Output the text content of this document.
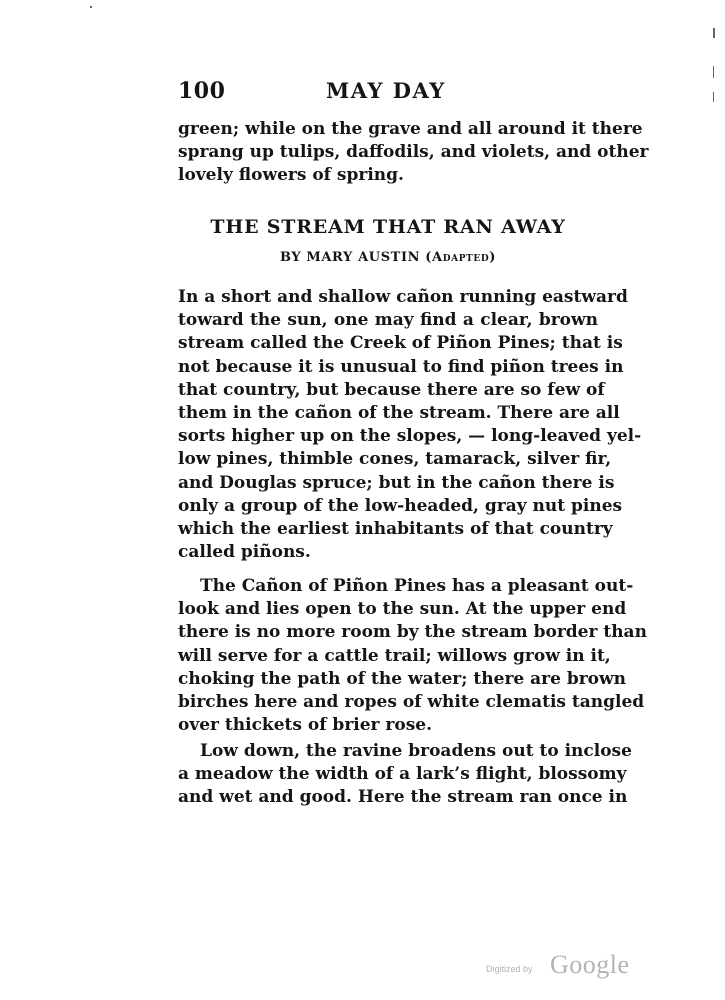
100	MAY DAY
green; while on the grave and all around it there
sprang up tulips, daffodils, and violets, and other
lovely flowers of spring.
THE STREAM THAT RAN AWAY
BY MARY AUSTIN (Adapted)
In a short and shallow cañon running eastward
toward the sun, one may find a clear, brown
stream called the Creek of Piñon Pines; that is
not because it is unusual to find piñon trees in
that country, but because there are so few of
them in the cañon of the stream. There are all
sorts higher up on the slopes, — long-leaved yel-
low pines, thimble cones, tamarack, silver fir,
and Douglas spruce; but in the cañon there is
only a group of the low-headed, gray nut pines
which the earliest inhabitants of that country
called piñons.
The Cañon of Piñon Pines has a pleasant out-
look and lies open to the sun. At the upper end
there is no more room by the stream border than
will serve for a cattle trail; willows grow in it,
choking the path of the water; there are brown
birches here and ropes of white clematis tangled
over thickets of brier rose.
Low down, the ravine broadens out to inclose
a meadow the width of a lark’s flight, blossomy
and wet and good. Here the stream ran once in
Digitized by Google
